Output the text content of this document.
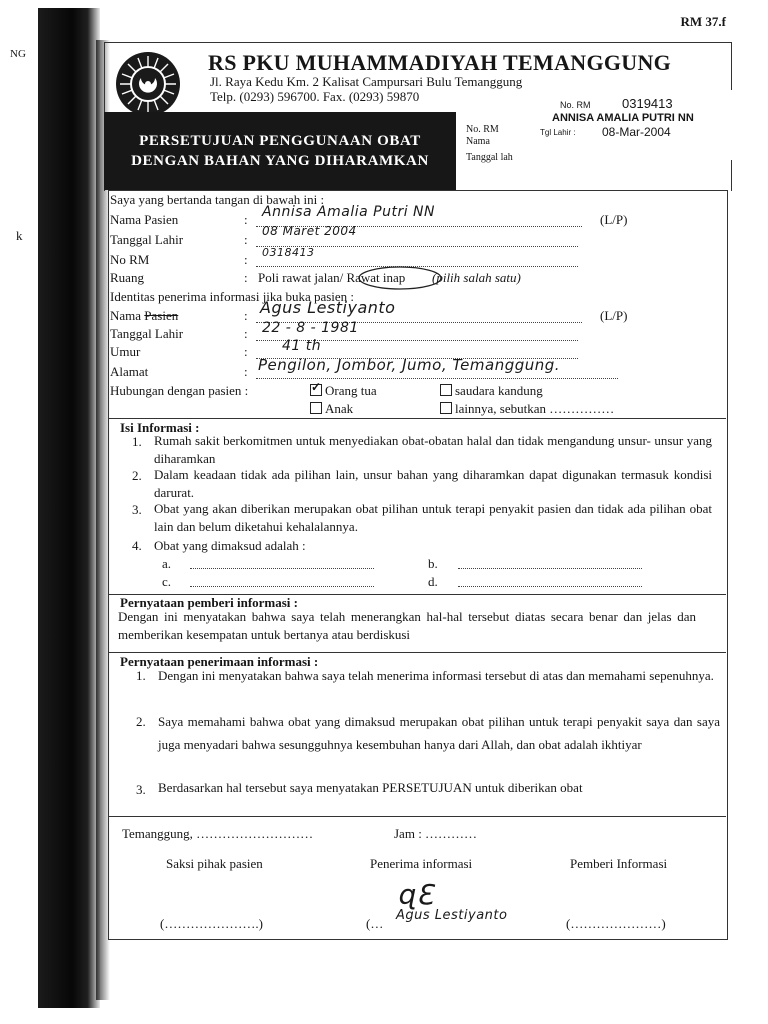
NG
k
RM 37.f
RS PKU MUHAMMADIYAH TEMANGGUNG
Jl. Raya Kedu Km. 2 Kalisat Campursari Bulu Temanggung
Telp. (0293) 596700. Fax. (0293) 59870
PERSETUJUAN PENGGUNAAN OBAT
DENGAN BAHAN YANG DIHARAMKAN
No. RM
Nama
Tanggal lah
No. RM 0319413
ANNISA AMALIA PUTRI NN
Tgl Lahir : 08-Mar-2004
Saya yang bertanda tangan di bawah ini :
Nama Pasien	: Annisa Amalia Putri NN	(L/P)
Tanggal Lahir	:
08 Maret 2004
No RM	: 0318413
Ruang	: Poli rawat jalan/ Rawat inap (pilih salah satu)
Identitas penerima informasi jika buka pasien :
Nama Pasien	: Agus Lestiyanto	(L/P)
Tanggal Lahir	: 22 - 8 - 1981
Umur	: 41 th
Alamat	: Pengilon, Jombor, Jumo, Temanggung.
Hubungan dengan pasien :
✓	Orang tua	saudara kandung
Anak	lainnya, sebutkan ……………
Isi Informasi :
1. Rumah sakit berkomitmen untuk menyediakan obat-obatan halal dan tidak mengandung unsur- unsur yang diharamkan
2. Dalam keadaan tidak ada pilihan lain, unsur bahan yang diharamkan dapat digunakan termasuk kondisi darurat.
3. Obat yang akan diberikan merupakan obat pilihan untuk terapi penyakit pasien dan tidak ada pilihan obat lain dan belum diketahui kehalalannya.
4. Obat yang dimaksud adalah :
a.	b.
c.	d.
Pernyataan pemberi informasi :
Dengan ini menyatakan bahwa saya telah menerangkan hal-hal tersebut diatas secara benar dan jelas dan memberikan kesempatan untuk bertanya atau berdiskusi
Pernyataan penerimaan informasi :
1. Dengan ini menyatakan bahwa saya telah menerima informasi tersebut di atas dan memahami sepenuhnya.
2. Saya memahami bahwa obat yang dimaksud merupakan obat pilihan untuk terapi penyakit saya dan saya juga menyadari bahwa sesungguhnya kesembuhan hanya dari Allah, dan obat adalah ikhtiyar
3. Berdasarkan hal tersebut saya menyatakan PERSETUJUAN untuk diberikan obat
Temanggung, ………………………	Jam : …………
Saksi pihak pasien	Penerima informasi	Pemberi Informasi
ɋƐ
(………………….)	(…
Agus Lestiyanto
(…………………)
